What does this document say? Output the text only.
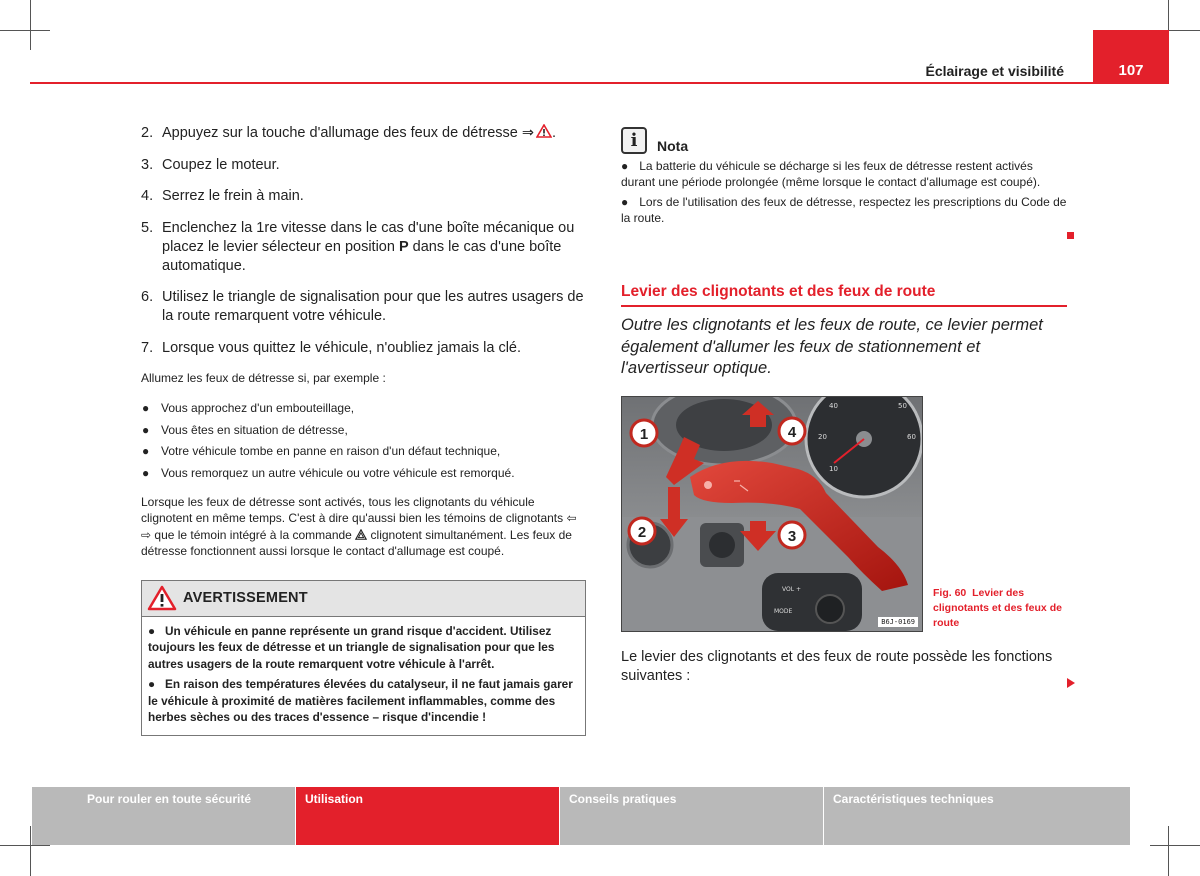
107
Éclairage et visibilité
2. Appuyez sur la touche d'allumage des feux de détresse ⇒ .
3. Coupez le moteur.
4. Serrez le frein à main.
5. Enclenchez la 1re vitesse dans le cas d'une boîte mécanique ou placez le levier sélecteur en position P dans le cas d'une boîte automatique.
6. Utilisez le triangle de signalisation pour que les autres usagers de la route remarquent votre véhicule.
7. Lorsque vous quittez le véhicule, n'oubliez jamais la clé.

Allumez les feux de détresse si, par exemple :

● Vous approchez d'un embouteillage,
● Vous êtes en situation de détresse,
● Votre véhicule tombe en panne en raison d'un défaut technique,
● Vous remorquez un autre véhicule ou votre véhicule est remorqué.

Lorsque les feux de détresse sont activés, tous les clignotants du véhicule clignotent en même temps. C'est à dire qu'aussi bien les témoins de clignotants ⇦ ⇨ que le témoin intégré à la commande  clignotent simultanément. Les feux de détresse fonctionnent aussi lorsque le contact d'allumage est coupé.

AVERTISSEMENT

● Un véhicule en panne représente un grand risque d'accident. Utilisez toujours les feux de détresse et un triangle de signalisation pour que les autres usagers de la route remarquent votre véhicule à l'arrêt.

● En raison des températures élevées du catalyseur, il ne faut jamais garer le véhicule à proximité de matières facilement inflammables, comme des herbes sèches ou des traces d'essence – risque d'incendie !

i	Nota

● La batterie du véhicule se décharge si les feux de détresse restent activés durant une période prolongée (même lorsque le contact d'allumage est coupé).

● Lors de l'utilisation des feux de détresse, respectez les prescriptions du Code de la route.

Levier des clignotants et des feux de route

Outre les clignotants et les feux de route, ce levier permet également d'allumer les feux de stationnement et l'avertisseur optique.

50
40
60
20
10
VOL +
MODE
1
2	3
4
B6J-0169
Fig. 60 Levier des clignotants et des feux de route

Le levier des clignotants et des feux de route possède les fonctions suivantes :

Pour rouler en toute sécurité	Utilisation	Conseils pratiques	Caractéristiques techniques
